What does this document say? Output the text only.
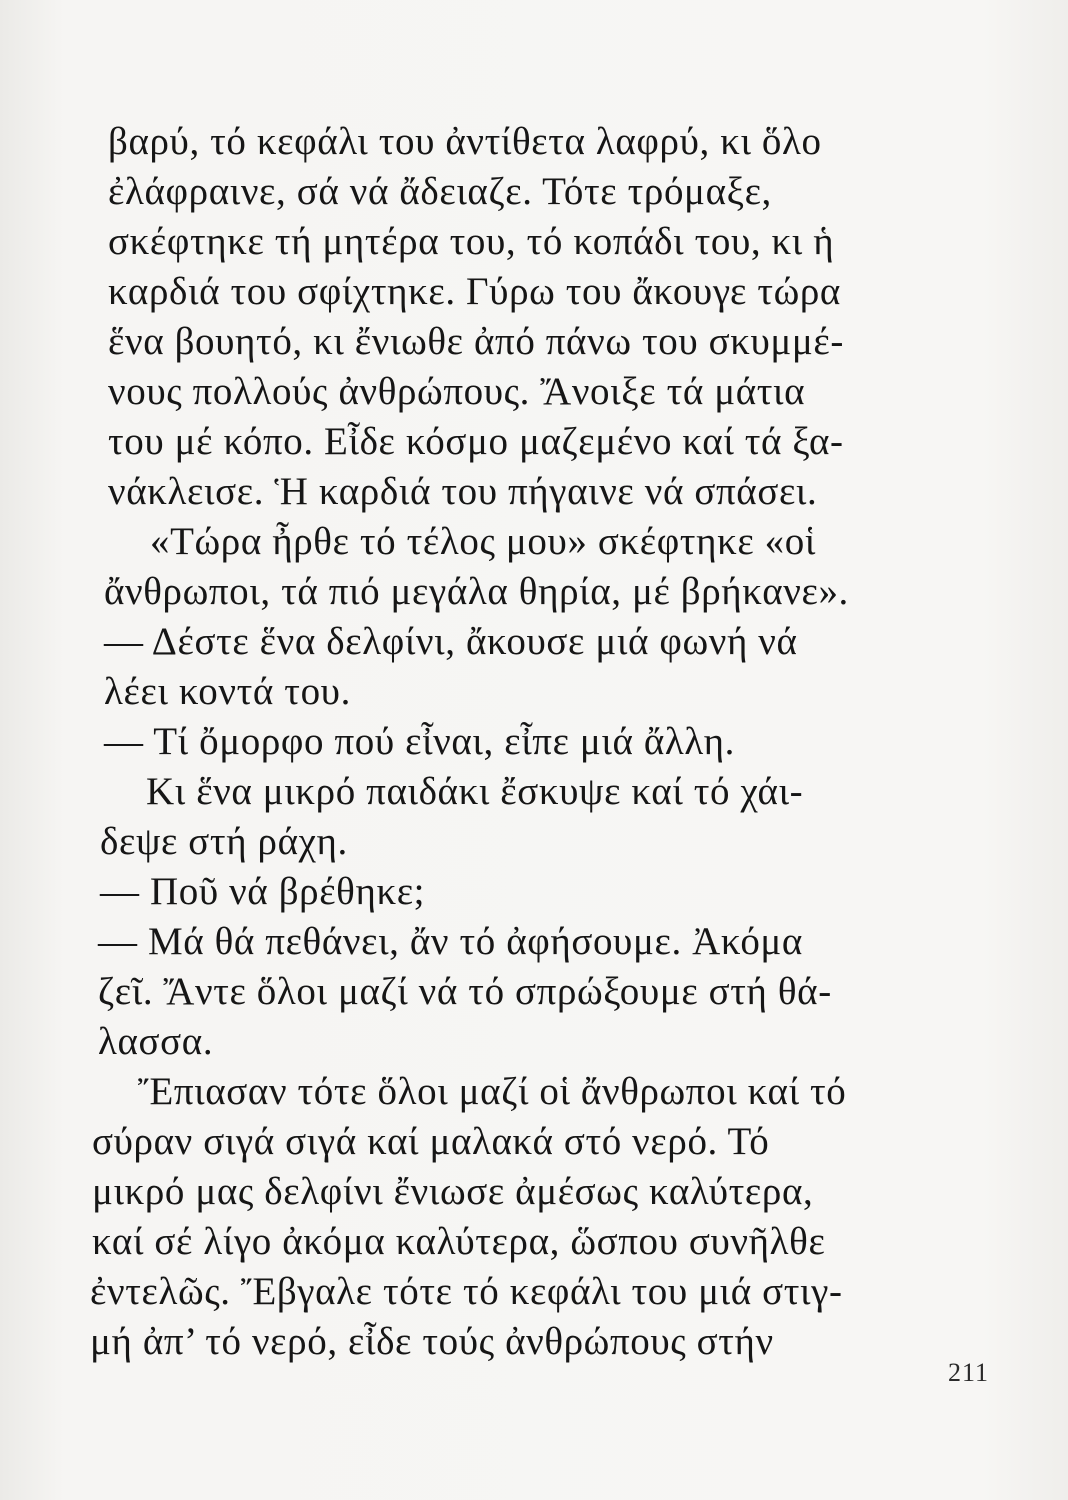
βαρύ, τό κεφάλι του ἀντίθετα λαφρύ, κι ὅλο
ἐλάφραινε, σά νά ἄδειαζε. Τότε τρόμαξε,
σκέφτηκε τή μητέρα του, τό κοπάδι του, κι ἡ
καρδιά του σφίχτηκε. Γύρω του ἄκουγε τώρα
ἕνα βουητό, κι ἔνιωθε ἀπό πάνω του σκυμμέ-
νους πολλούς ἀνθρώπους. Ἄνοιξε τά μάτια
του μέ κόπο. Εἶδε κόσμο μαζεμένο καί τά ξα-
νάκλεισε. Ἡ καρδιά του πήγαινε νά σπάσει.
«Τώρα ἦρθε τό τέλος μου» σκέφτηκε «οἱ
ἄνθρωποι, τά πιό μεγάλα θηρία, μέ βρήκανε».
— Δέστε ἕνα δελφίνι, ἄκουσε μιά φωνή νά
λέει κοντά του.
— Τί ὄμορφο πού εἶναι, εἶπε μιά ἄλλη.
Κι ἕνα μικρό παιδάκι ἔσκυψε καί τό χάι-
δεψε στή ράχη.
— Ποῦ νά βρέθηκε;
— Μά θά πεθάνει, ἄν τό ἀφήσουμε. Ἀκόμα
ζεῖ. Ἄντε ὅλοι μαζί νά τό σπρώξουμε στή θά-
λασσα.
Ἔπιασαν τότε ὅλοι μαζί οἱ ἄνθρωποι καί τό
σύραν σιγά σιγά καί μαλακά στό νερό. Τό
μικρό μας δελφίνι ἔνιωσε ἀμέσως καλύτερα,
καί σέ λίγο ἀκόμα καλύτερα, ὥσπου συνῆλθε
ἐντελῶς. Ἔβγαλε τότε τό κεφάλι του μιά στιγ-
μή ἀπ’ τό νερό, εἶδε τούς ἀνθρώπους στήν
211
